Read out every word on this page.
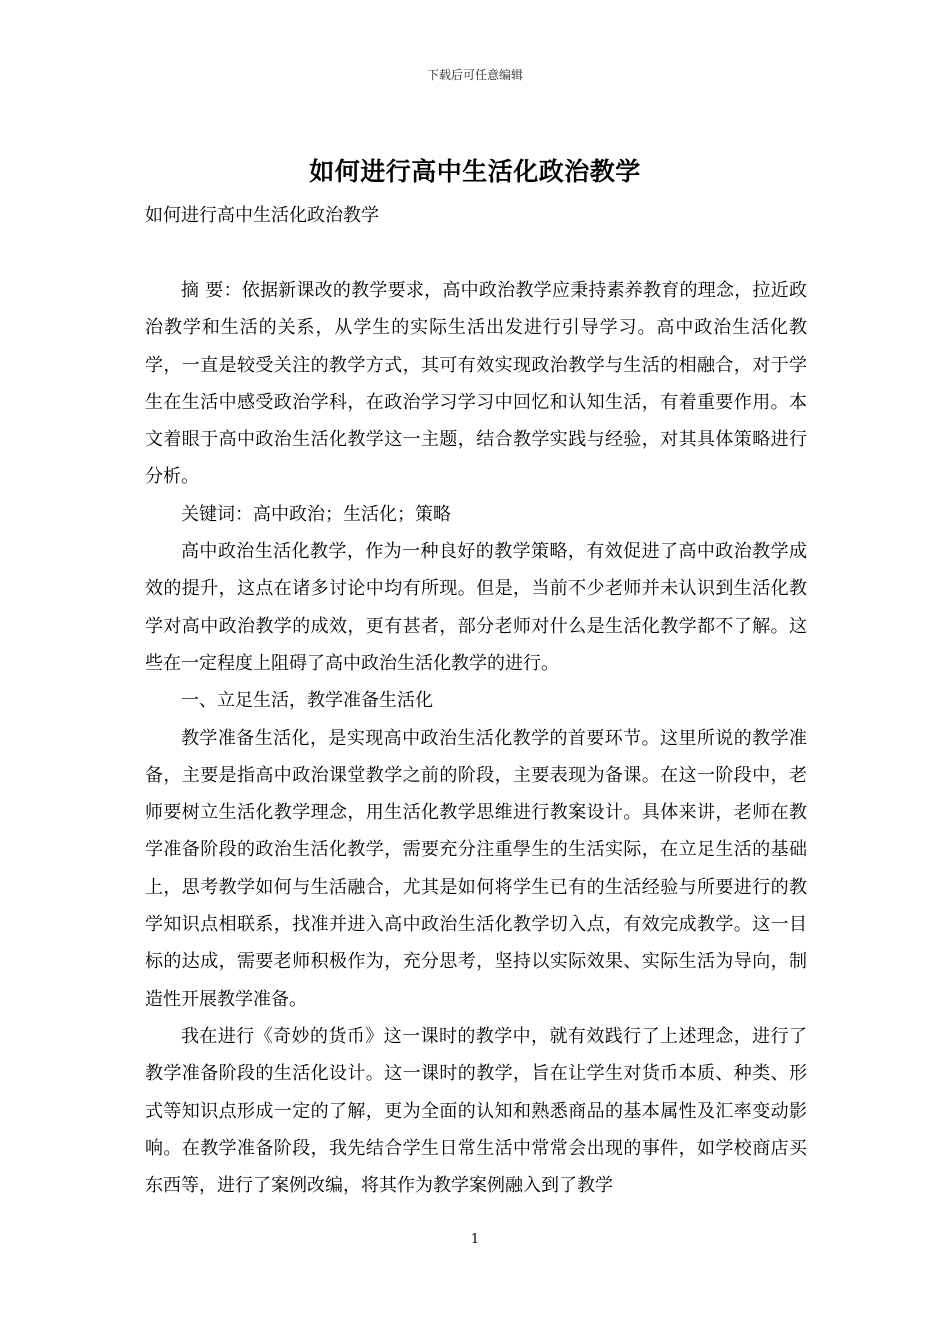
下载后可任意编辑
如何进行高中生活化政治教学
如何进行高中生活化政治教学

摘 要：依据新课改的教学要求，高中政治教学应秉持素养教育的理念，拉近政治教学和生活的关系，从学生的实际生活出发进行引导学习。高中政治生活化教学，一直是较受关注的教学方式，其可有效实现政治教学与生活的相融合，对于学生在生活中感受政治学科，在政治学习学习中回忆和认知生活，有着重要作用。本文着眼于高中政治生活化教学这一主题，结合教学实践与经验，对其具体策略进行分析。

关键词：高中政治；生活化；策略

高中政治生活化教学，作为一种良好的教学策略，有效促进了高中政治教学成效的提升，这点在诸多讨论中均有所现。但是，当前不少老师并未认识到生活化教学对高中政治教学的成效，更有甚者，部分老师对什么是生活化教学都不了解。这些在一定程度上阻碍了高中政治生活化教学的进行。

一、立足生活，教学准备生活化

教学准备生活化，是实现高中政治生活化教学的首要环节。这里所说的教学准备，主要是指高中政治课堂教学之前的阶段，主要表现为备课。在这一阶段中，老师要树立生活化教学理念，用生活化教学思维进行教案设计。具体来讲，老师在教学准备阶段的政治生活化教学，需要充分注重學生的生活实际，在立足生活的基础上，思考教学如何与生活融合，尤其是如何将学生已有的生活经验与所要进行的教学知识点相联系，找准并进入高中政治生活化教学切入点，有效完成教学。这一目标的达成，需要老师积极作为，充分思考，坚持以实际效果、实际生活为导向，制造性开展教学准备。

我在进行《奇妙的货币》这一课时的教学中，就有效践行了上述理念，进行了教学准备阶段的生活化设计。这一课时的教学，旨在让学生对货币本质、种类、形式等知识点形成一定的了解，更为全面的认知和熟悉商品的基本属性及汇率变动影响。在教学准备阶段，我先结合学生日常生活中常常会出现的事件，如学校商店买东西等，进行了案例改编，将其作为教学案例融入到了教学

1
